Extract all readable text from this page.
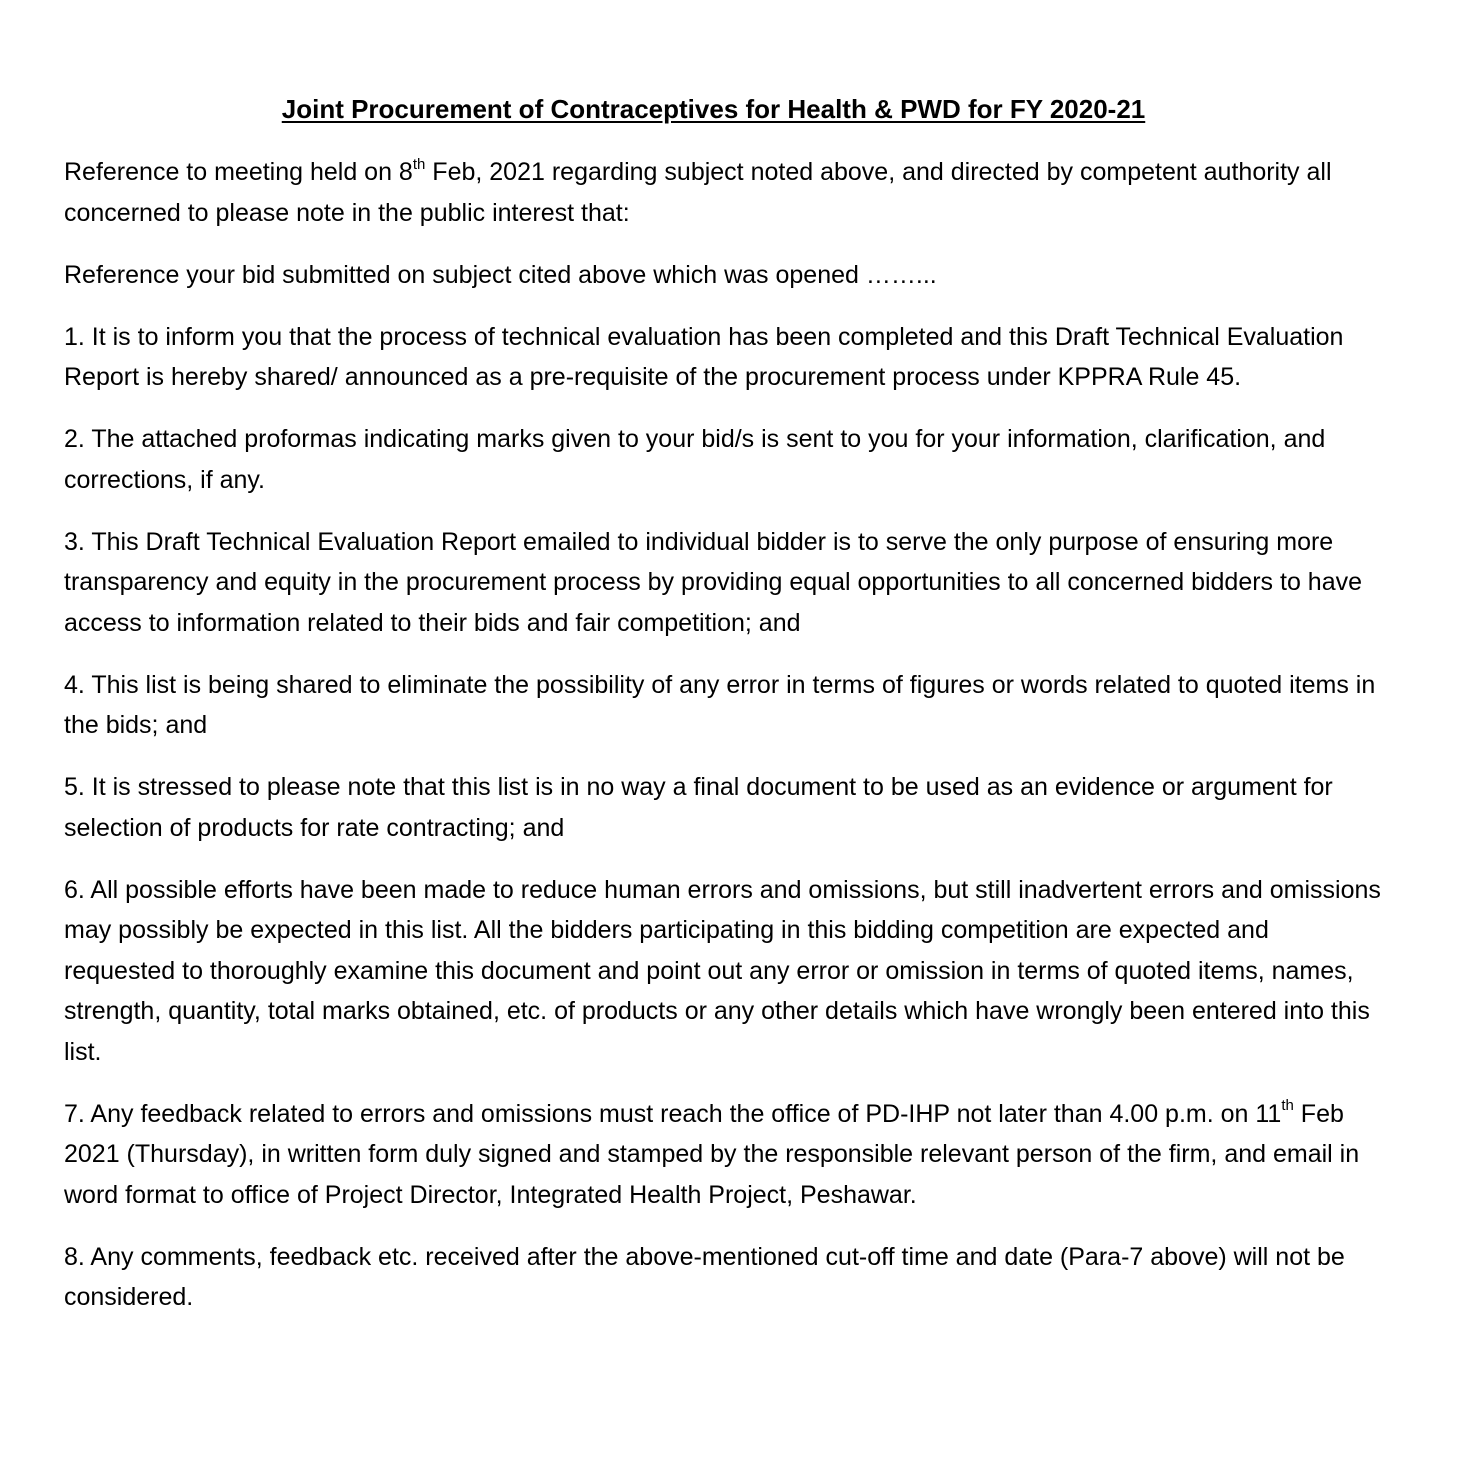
Joint Procurement of Contraceptives for Health & PWD for FY 2020-21

Reference to meeting held on 8th Feb, 2021 regarding subject noted above, and directed by competent authority all concerned to please note in the public interest that:

Reference your bid submitted on subject cited above which was opened ……...

1. It is to inform you that the process of technical evaluation has been completed and this Draft Technical Evaluation Report is hereby shared/ announced as a pre-requisite of the procurement process under KPPRA Rule 45.

2. The attached proformas indicating marks given to your bid/s is sent to you for your information, clarification, and corrections, if any.

3. This Draft Technical Evaluation Report emailed to individual bidder is to serve the only purpose of ensuring more transparency and equity in the procurement process by providing equal opportunities to all concerned bidders to have access to information related to their bids and fair competition; and

4. This list is being shared to eliminate the possibility of any error in terms of figures or words related to quoted items in the bids; and

5. It is stressed to please note that this list is in no way a final document to be used as an evidence or argument for selection of products for rate contracting; and

6. All possible efforts have been made to reduce human errors and omissions, but still inadvertent errors and omissions may possibly be expected in this list. All the bidders participating in this bidding competition are expected and requested to thoroughly examine this document and point out any error or omission in terms of quoted items, names, strength, quantity, total marks obtained, etc. of products or any other details which have wrongly been entered into this list.

7. Any feedback related to errors and omissions must reach the office of PD-IHP not later than 4.00 p.m. on 11th Feb 2021 (Thursday), in written form duly signed and stamped by the responsible relevant person of the firm, and email in word format to office of Project Director, Integrated Health Project, Peshawar.

8. Any comments, feedback etc. received after the above-mentioned cut-off time and date (Para-7 above) will not be considered.
